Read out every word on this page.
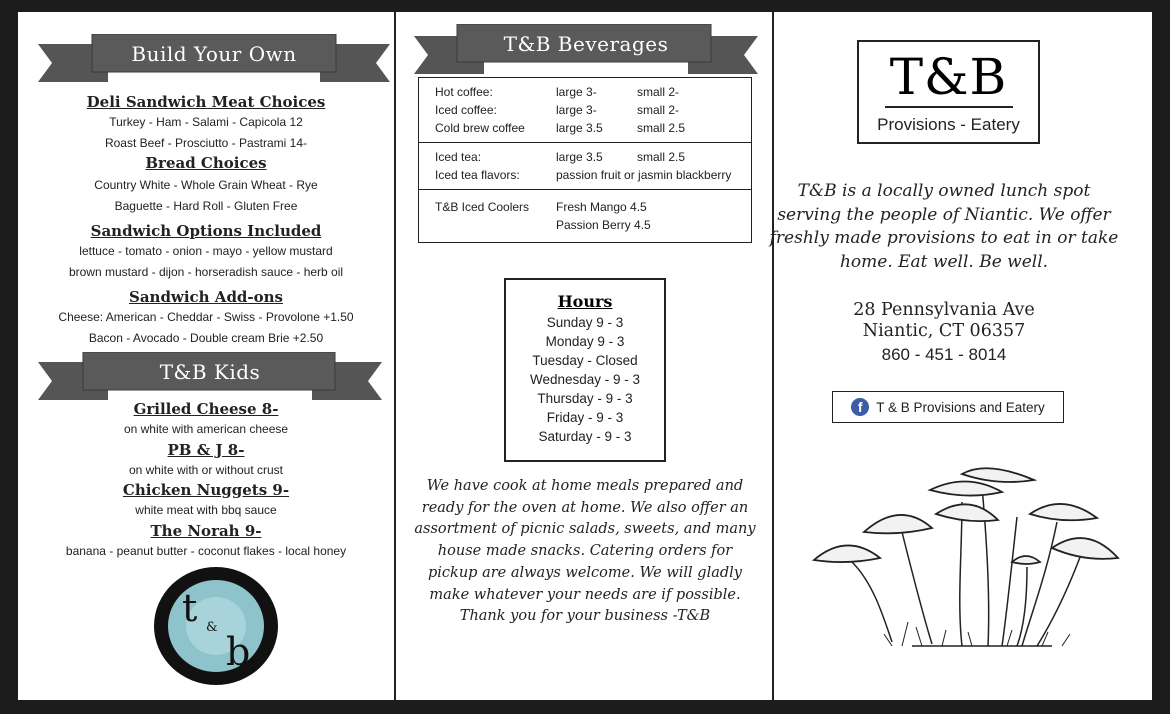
Build Your Own
Deli Sandwich Meat Choices
Turkey - Ham - Salami - Capicola 12
Roast Beef - Prosciutto - Pastrami 14-
Bread Choices
Country White - Whole Grain Wheat - Rye
Baguette - Hard Roll - Gluten Free
Sandwich Options Included
lettuce - tomato - onion - mayo - yellow mustard
brown mustard - dijon - horseradish sauce - herb oil
Sandwich Add-ons
Cheese: American - Cheddar - Swiss - Provolone +1.50
Bacon - Avocado - Double cream Brie +2.50
T&B Kids
Grilled Cheese 8-
on white with american cheese
PB & J 8-
on white with or without crust
Chicken Nuggets 9-
white meat with bbq sauce
The Norah 9-
banana - peanut butter - coconut flakes - local honey
t &
b
T&B Beverages
Hot coffee:	large 3-	small 2-
Iced coffee:	large 3-	small 2-
Cold brew coffee	large 3.5	small 2.5
Iced tea:	large 3.5	small 2.5
Iced tea flavors:	passion fruit or jasmin blackberry
T&B Iced Coolers	Fresh Mango 4.5
Passion Berry 4.5
Hours
Sunday 9 - 3
Monday 9 - 3
Tuesday - Closed
Wednesday - 9 - 3
Thursday - 9 - 3
Friday - 9 - 3
Saturday - 9 - 3
We have cook at home meals prepared and
ready for the oven at home. We also offer an
assortment of picnic salads, sweets, and many
house made snacks. Catering orders for
pickup are always welcome. We will gladly
make whatever your needs are if possible.
Thank you for your business -T&B
T&B
Provisions - Eatery
T&B is a locally owned lunch spot
serving the people of Niantic. We offer
freshly made provisions to eat in or take
home. Eat well. Be well.
28 Pennsylvania Ave
Niantic, CT 06357
860 - 451 - 8014
f	T & B Provisions and Eatery
